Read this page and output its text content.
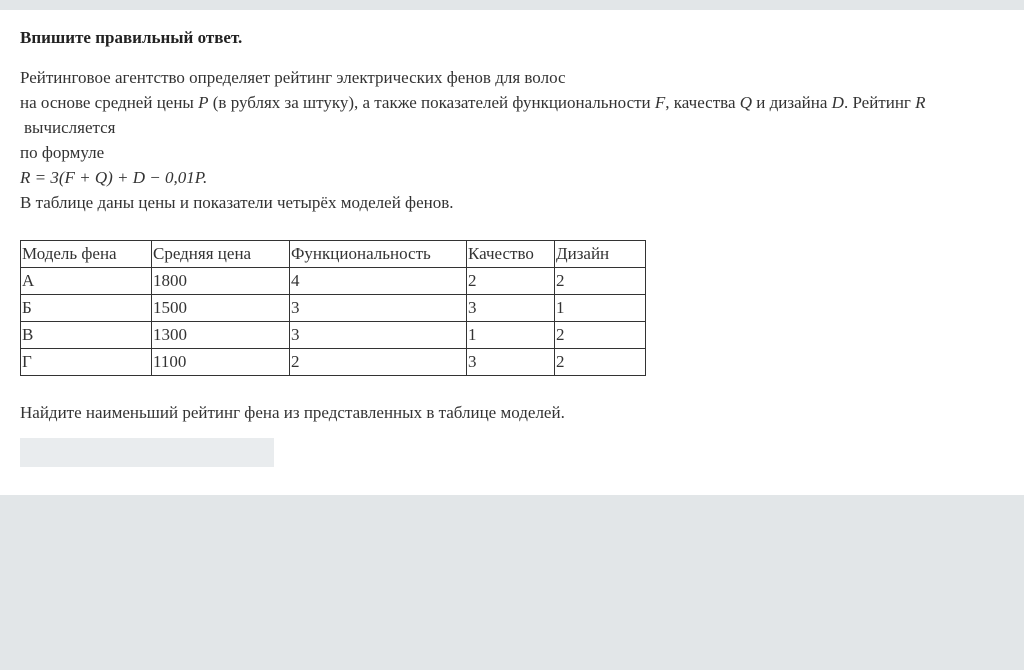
Впишите правильный ответ.
Рейтинговое агентство определяет рейтинг электрических фенов для волос
на основе средней цены P (в рублях за штуку), а также показателей функциональности F, качества Q и дизайна D. Рейтинг R
вычисляется
по формуле
R = 3(F + Q) + D − 0,01P.
В таблице даны цены и показатели четырёх моделей фенов.
Модель фена	Средняя цена	Функциональность	Качество	Дизайн
А	1800	4	2	2
Б	1500	3	3	1
В	1300	3	1	2
Г	1100	2	3	2
Найдите наименьший рейтинг фена из представленных в таблице моделей.
